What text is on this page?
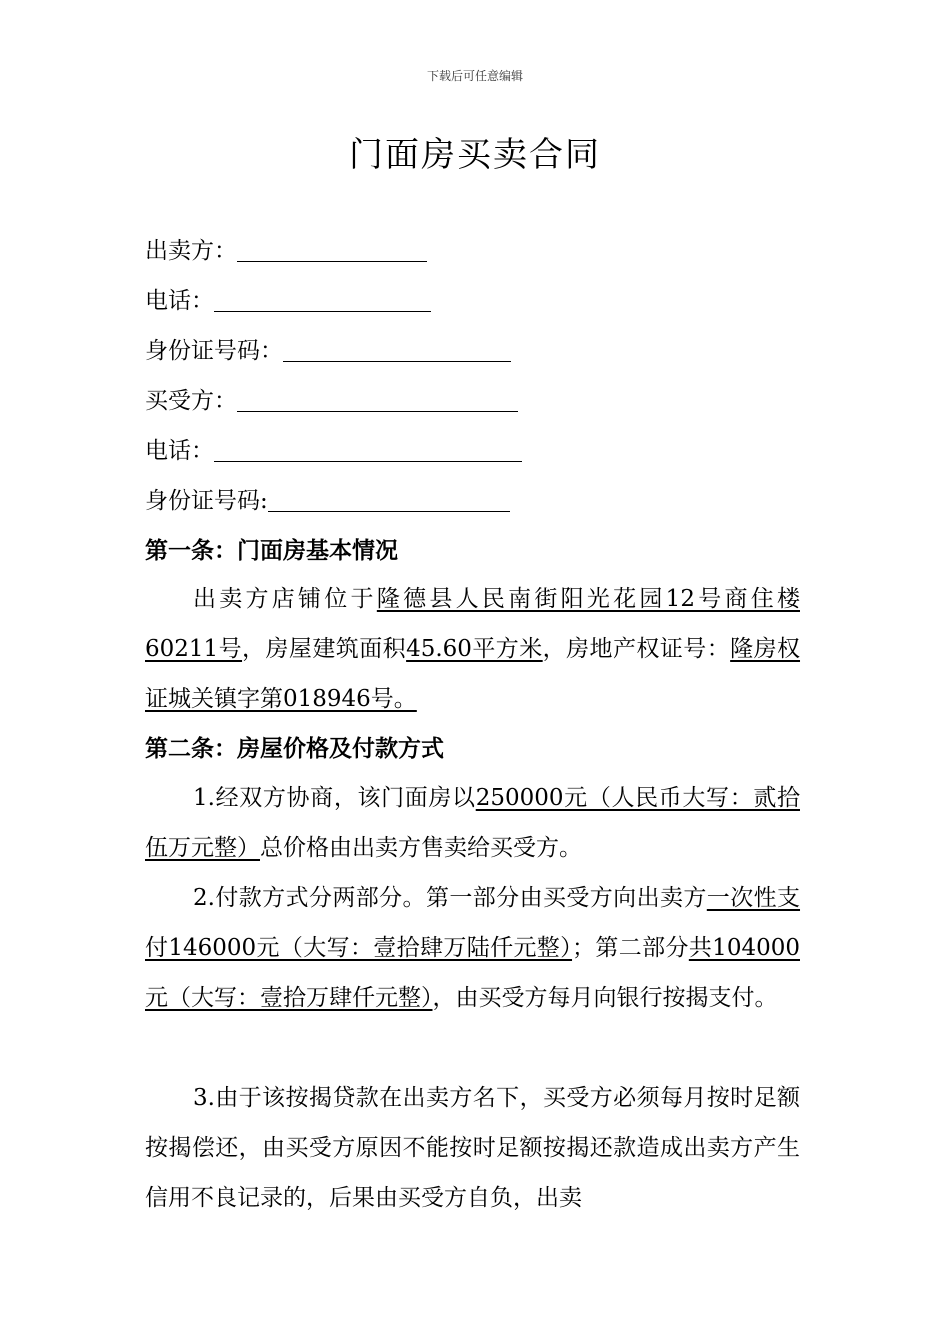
下载后可任意编辑
门面房买卖合同
出卖方：
电话：
身份证号码：
买受方：
电话：
身份证号码:
第一条：门面房基本情况

出卖方店铺位于隆德县人民南街阳光花园12号商住楼60211号，房屋建筑面积45.60平方米，房地产权证号：隆房权证城关镇字第018946号。

第二条：房屋价格及付款方式

1.经双方协商，该门面房以250000元（人民币大写：贰拾伍万元整）总价格由出卖方售卖给买受方。

2.付款方式分两部分。第一部分由买受方向出卖方一次性支付146000元（大写：壹拾肆万陆仟元整）；第二部分共104000元（大写：壹拾万肆仟元整），由买受方每月向银行按揭支付。

3.由于该按揭贷款在出卖方名下，买受方必须每月按时足额按揭偿还，由买受方原因不能按时足额按揭还款造成出卖方产生信用不良记录的，后果由买受方自负，出卖
